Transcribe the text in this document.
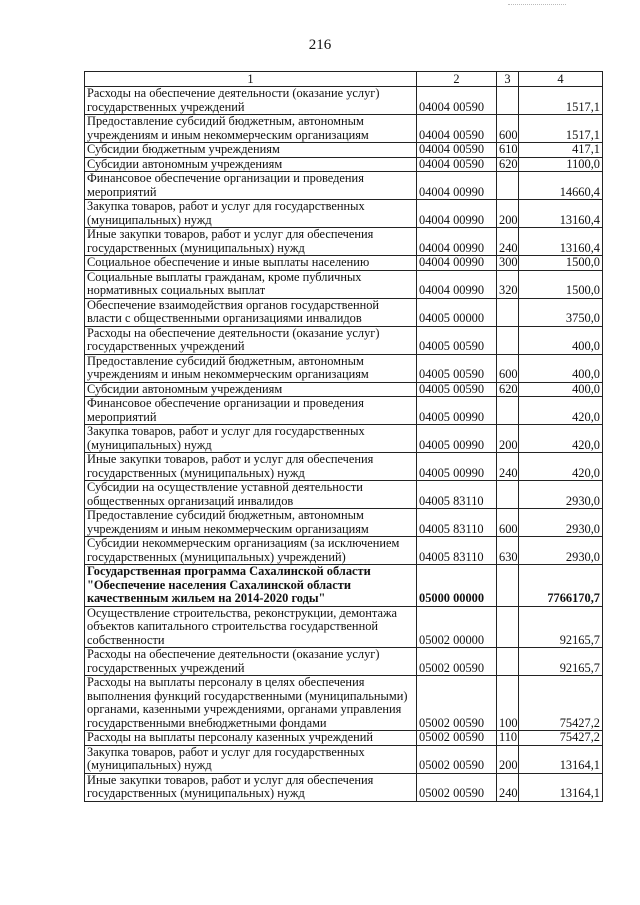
216
1	2	3	4
Расходы на обеспечение деятельности (оказание услуг) государственных учреждений	04004 00590		1517,1
Предоставление субсидий бюджетным, автономным учреждениям и иным некоммерческим организациям	04004 00590	600	1517,1
Субсидии бюджетным учреждениям	04004 00590	610	417,1
Субсидии автономным учреждениям	04004 00590	620	1100,0
Финансовое обеспечение организации и проведения мероприятий	04004 00990		14660,4
Закупка товаров, работ и услуг для государственных (муниципальных) нужд	04004 00990	200	13160,4
Иные закупки товаров, работ и услуг для обеспечения государственных (муниципальных) нужд	04004 00990	240	13160,4
Социальное обеспечение и иные выплаты населению	04004 00990	300	1500,0
Социальные выплаты гражданам, кроме публичных нормативных социальных выплат	04004 00990	320	1500,0
Обеспечение взаимодействия органов государственной власти с общественными организациями инвалидов	04005 00000		3750,0
Расходы на обеспечение деятельности (оказание услуг) государственных учреждений	04005 00590		400,0
Предоставление субсидий бюджетным, автономным учреждениям и иным некоммерческим организациям	04005 00590	600	400,0
Субсидии автономным учреждениям	04005 00590	620	400,0
Финансовое обеспечение организации и проведения мероприятий	04005 00990		420,0
Закупка товаров, работ и услуг для государственных (муниципальных) нужд	04005 00990	200	420,0
Иные закупки товаров, работ и услуг для обеспечения государственных (муниципальных) нужд	04005 00990	240	420,0
Субсидии на осуществление уставной деятельности общественных организаций инвалидов	04005 83110		2930,0
Предоставление субсидий бюджетным, автономным учреждениям и иным некоммерческим организациям	04005 83110	600	2930,0
Субсидии некоммерческим организациям (за исключением государственных (муниципальных) учреждений)	04005 83110	630	2930,0
Государственная программа Сахалинской области "Обеспечение населения Сахалинской области качественным жильем на 2014-2020 годы"	05000 00000		7766170,7
Осуществление строительства, реконструкции, демонтажа объектов капитального строительства государственной собственности	05002 00000		92165,7
Расходы на обеспечение деятельности (оказание услуг) государственных учреждений	05002 00590		92165,7
Расходы на выплаты персоналу в целях обеспечения выполнения функций государственными (муниципальными) органами, казенными учреждениями, органами управления государственными внебюджетными фондами	05002 00590	100	75427,2
Расходы на выплаты персоналу казенных учреждений	05002 00590	110	75427,2
Закупка товаров, работ и услуг для государственных (муниципальных) нужд	05002 00590	200	13164,1
Иные закупки товаров, работ и услуг для обеспечения государственных (муниципальных) нужд	05002 00590	240	13164,1
